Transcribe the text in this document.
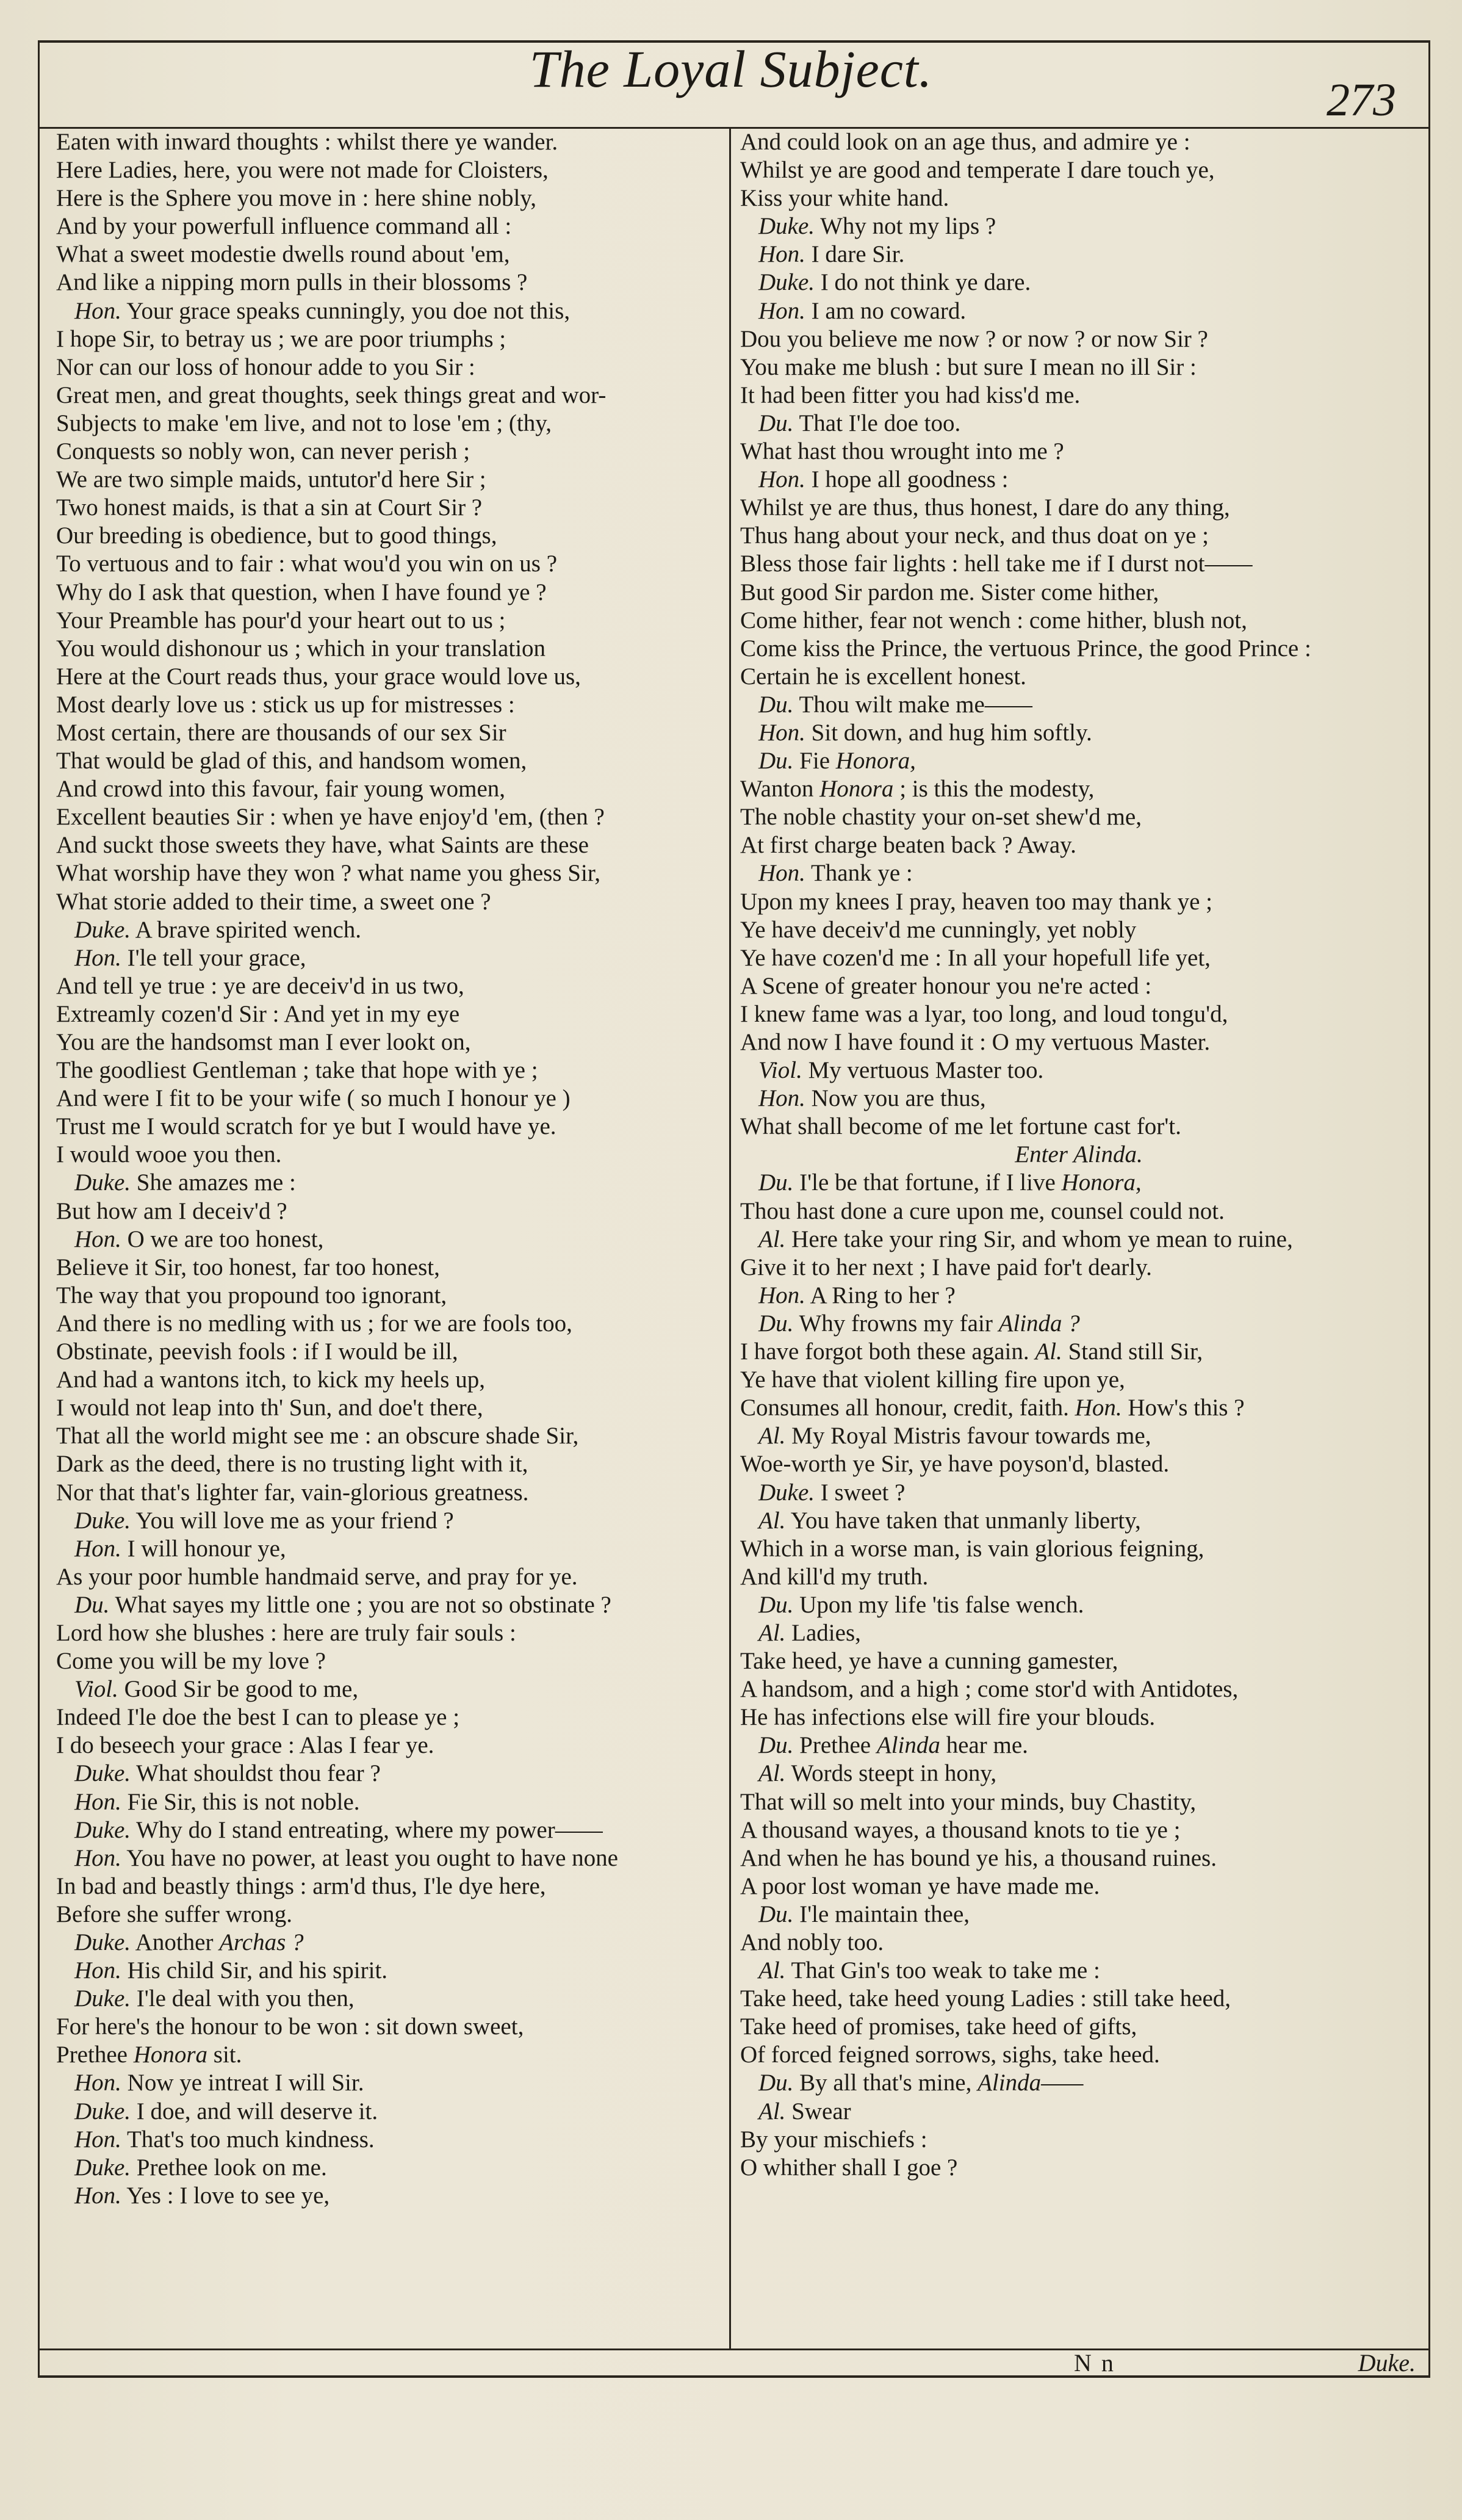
The Loyal Subject.
273
Eaten with inward thoughts : whilst there ye wander.
Here Ladies, here, you were not made for Cloisters,
Here is the Sphere you move in : here shine nobly,
And by your powerfull influence command all :
What a sweet modestie dwells round about 'em,
And like a nipping morn pulls in their blossoms ?
Hon. Your grace speaks cunningly, you doe not this,
I hope Sir, to betray us ; we are poor triumphs ;
Nor can our loss of honour adde to you Sir :
Great men, and great thoughts, seek things great and wor-
Subjects to make 'em live, and not to lose 'em ; (thy,
Conquests so nobly won, can never perish ;
We are two simple maids, untutor'd here Sir ;
Two honest maids, is that a sin at Court Sir ?
Our breeding is obedience, but to good things,
To vertuous and to fair : what wou'd you win on us ?
Why do I ask that question, when I have found ye ?
Your Preamble has pour'd your heart out to us ;
You would dishonour us ; which in your translation
Here at the Court reads thus, your grace would love us,
Most dearly love us : stick us up for mistresses :
Most certain, there are thousands of our sex Sir
That would be glad of this, and handsom women,
And crowd into this favour, fair young women,
Excellent beauties Sir : when ye have enjoy'd 'em, (then ?
And suckt those sweets they have, what Saints are these
What worship have they won ? what name you ghess Sir,
What storie added to their time, a sweet one ?
Duke. A brave spirited wench.
Hon. I'le tell your grace,
And tell ye true : ye are deceiv'd in us two,
Extreamly cozen'd Sir : And yet in my eye
You are the handsomst man I ever lookt on,
The goodliest Gentleman ; take that hope with ye ;
And were I fit to be your wife ( so much I honour ye )
Trust me I would scratch for ye but I would have ye.
I would wooe you then.
Duke. She amazes me :
But how am I deceiv'd ?
Hon. O we are too honest,
Believe it Sir, too honest, far too honest,
The way that you propound too ignorant,
And there is no medling with us ; for we are fools too,
Obstinate, peevish fools : if I would be ill,
And had a wantons itch, to kick my heels up,
I would not leap into th' Sun, and doe't there,
That all the world might see me : an obscure shade Sir,
Dark as the deed, there is no trusting light with it,
Nor that that's lighter far, vain-glorious greatness.
Duke. You will love me as your friend ?
Hon. I will honour ye,
As your poor humble handmaid serve, and pray for ye.
Du. What sayes my little one ; you are not so obstinate ?
Lord how she blushes : here are truly fair souls :
Come you will be my love ?
Viol. Good Sir be good to me,
Indeed I'le doe the best I can to please ye ;
I do beseech your grace : Alas I fear ye.
Duke. What shouldst thou fear ?
Hon. Fie Sir, this is not noble.
Duke. Why do I stand entreating, where my power——
Hon. You have no power, at least you ought to have none
In bad and beastly things : arm'd thus, I'le dye here,
Before she suffer wrong.
Duke. Another Archas ?
Hon. His child Sir, and his spirit.
Duke. I'le deal with you then,
For here's the honour to be won : sit down sweet,
Prethee Honora sit.
Hon. Now ye intreat I will Sir.
Duke. I doe, and will deserve it.
Hon. That's too much kindness.
Duke. Prethee look on me.
Hon. Yes : I love to see ye,
And could look on an age thus, and admire ye :
Whilst ye are good and temperate I dare touch ye,
Kiss your white hand.
Duke. Why not my lips ?
Hon. I dare Sir.
Duke. I do not think ye dare.
Hon. I am no coward.
Dou you believe me now ? or now ? or now Sir ?
You make me blush : but sure I mean no ill Sir :
It had been fitter you had kiss'd me.
Du. That I'le doe too.
What hast thou wrought into me ?
Hon. I hope all goodness :
Whilst ye are thus, thus honest, I dare do any thing,
Thus hang about your neck, and thus doat on ye ;
Bless those fair lights : hell take me if I durst not——
But good Sir pardon me. Sister come hither,
Come hither, fear not wench : come hither, blush not,
Come kiss the Prince, the vertuous Prince, the good Prince :
Certain he is excellent honest.
Du. Thou wilt make me——
Hon. Sit down, and hug him softly.
Du. Fie Honora,
Wanton Honora ; is this the modesty,
The noble chastity your on-set shew'd me,
At first charge beaten back ? Away.
Hon. Thank ye :
Upon my knees I pray, heaven too may thank ye ;
Ye have deceiv'd me cunningly, yet nobly
Ye have cozen'd me : In all your hopefull life yet,
A Scene of greater honour you ne're acted :
I knew fame was a lyar, too long, and loud tongu'd,
And now I have found it : O my vertuous Master.
Viol. My vertuous Master too.
Hon. Now you are thus,
What shall become of me let fortune cast for't.
Enter Alinda.
Du. I'le be that fortune, if I live Honora,
Thou hast done a cure upon me, counsel could not.
Al. Here take your ring Sir, and whom ye mean to ruine,
Give it to her next ; I have paid for't dearly.
Hon. A Ring to her ?
Du. Why frowns my fair Alinda ?
I have forgot both these again. Al. Stand still Sir,
Ye have that violent killing fire upon ye,
Consumes all honour, credit, faith. Hon. How's this ?
Al. My Royal Mistris favour towards me,
Woe-worth ye Sir, ye have poyson'd, blasted.
Duke. I sweet ?
Al. You have taken that unmanly liberty,
Which in a worse man, is vain glorious feigning,
And kill'd my truth.
Du. Upon my life 'tis false wench.
Al. Ladies,
Take heed, ye have a cunning gamester,
A handsom, and a high ; come stor'd with Antidotes,
He has infections else will fire your blouds.
Du. Prethee Alinda hear me.
Al. Words steept in hony,
That will so melt into your minds, buy Chastity,
A thousand wayes, a thousand knots to tie ye ;
And when he has bound ye his, a thousand ruines.
A poor lost woman ye have made me.
Du. I'le maintain thee,
And nobly too.
Al. That Gin's too weak to take me :
Take heed, take heed young Ladies : still take heed,
Take heed of promises, take heed of gifts,
Of forced feigned sorrows, sighs, take heed.
Du. By all that's mine, Alinda——
Al. Swear
By your mischiefs :
O whither shall I goe ?
N n	Duke.
